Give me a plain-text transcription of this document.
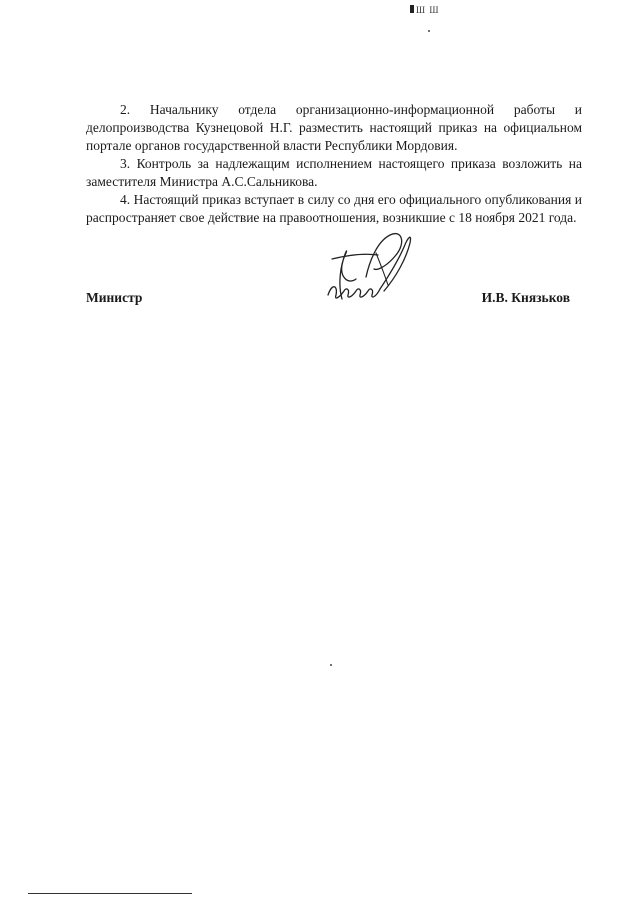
Ш Ш

2. Начальнику отдела организационно-информационной работы и делопроизводства Кузнецовой Н.Г. разместить настоящий приказ на официальном портале органов государственной власти Республики Мордовия.

3. Контроль за надлежащим исполнением настоящего приказа возложить на заместителя Министра А.С.Сальникова.

4. Настоящий приказ вступает в силу со дня его официального опубликования и распространяет свое действие на правоотношения, возникшие с 18 ноября 2021 года.

Министр	И.В. Князьков
